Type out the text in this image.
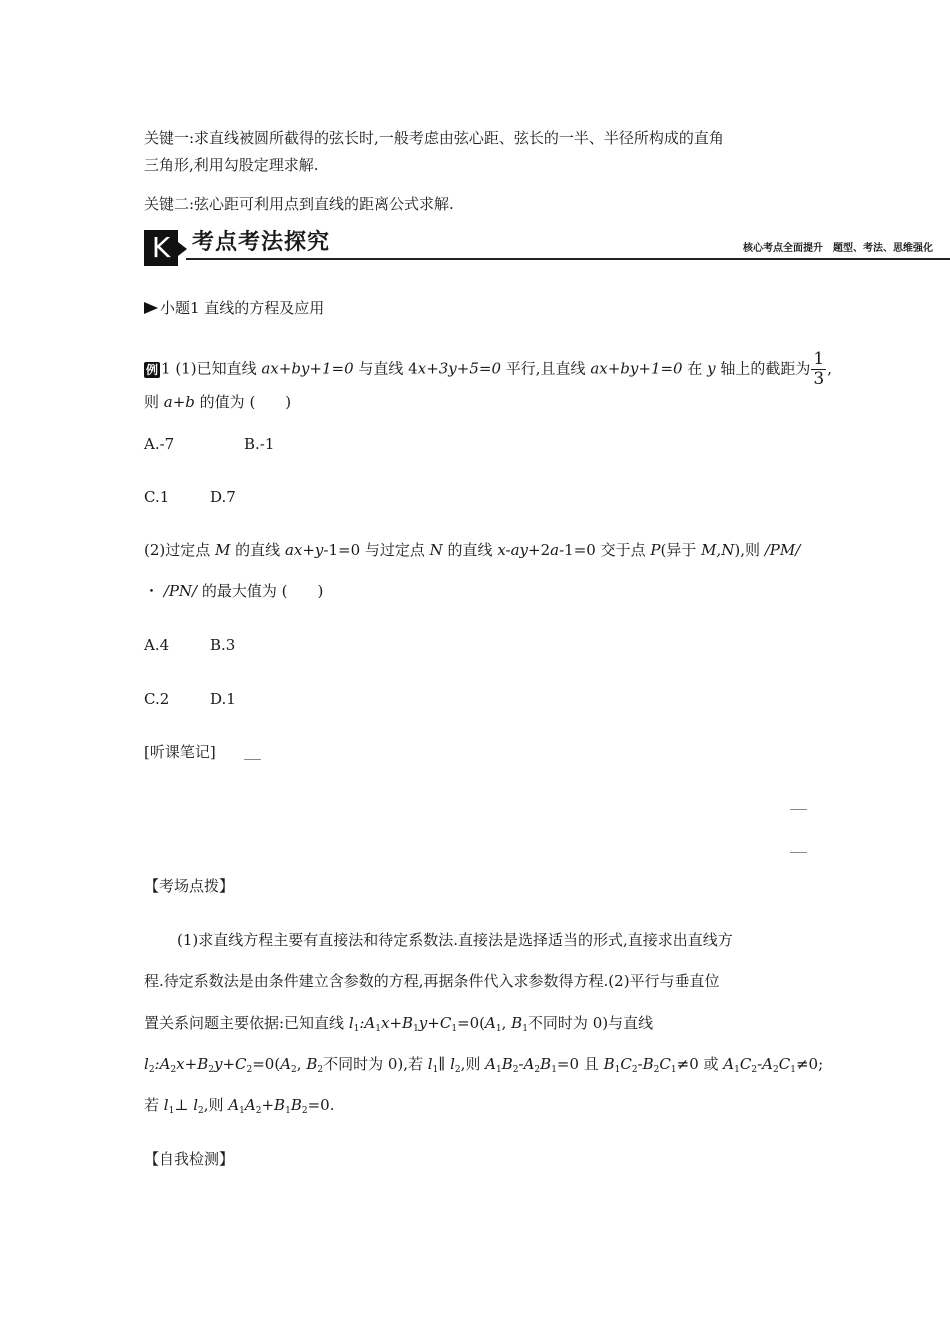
关键一:求直线被圆所截得的弦长时,一般考虑由弦心距、弦长的一半、半径所构成的直角
三角形,利用勾股定理求解.
关键二:弦心距可利用点到直线的距离公式求解.
K 考点考法探究	核心考点全面提升　题型、考法、思维强化
小题1 直线的方程及应用
例 1 (1)已知直线 ax+by+1=0 与直线 4x+3y+5=0 平行,且直线 ax+by+1=0 在 y 轴上的截距为 $\frac{1}{3}$ ,
则 a+b 的值为 (　　)
A.-7	B.-1
C.1	D.7
(2)过定点 M 的直线 ax+y-1=0 与过定点 N 的直线 x-ay+2a-1=0 交于点 P(异于 M,N),则 /PM/
・ /PN/ 的最大值为 (　　)
A.4	B.3
C.2	D.1
[听课笔记]
【考场点拨】
(1)求直线方程主要有直接法和待定系数法.直接法是选择适当的形式,直接求出直线方
程.待定系数法是由条件建立含参数的方程,再据条件代入求参数得方程.(2)平行与垂直位
置关系问题主要依据:已知直线 $l_1:A_1x+B_1y+C_1=0(A_1$, $B_1$不同时为 0)与直线
$l_2:A_2x+B_2y+C_2=0(A_2$, $B_2$不同时为 0),若 $l_1\parallel$ $l_2$,则 $A_1B_2-A_2B_1=0$ 且 $B_1C_2-B_2C_1\ne 0$ 或 $A_1C_2-A_2C_1\ne 0$;
若 $l_1\perp$ $l_2$,则 $A_1A_2+B_1B_2=0$.
【自我检测】
